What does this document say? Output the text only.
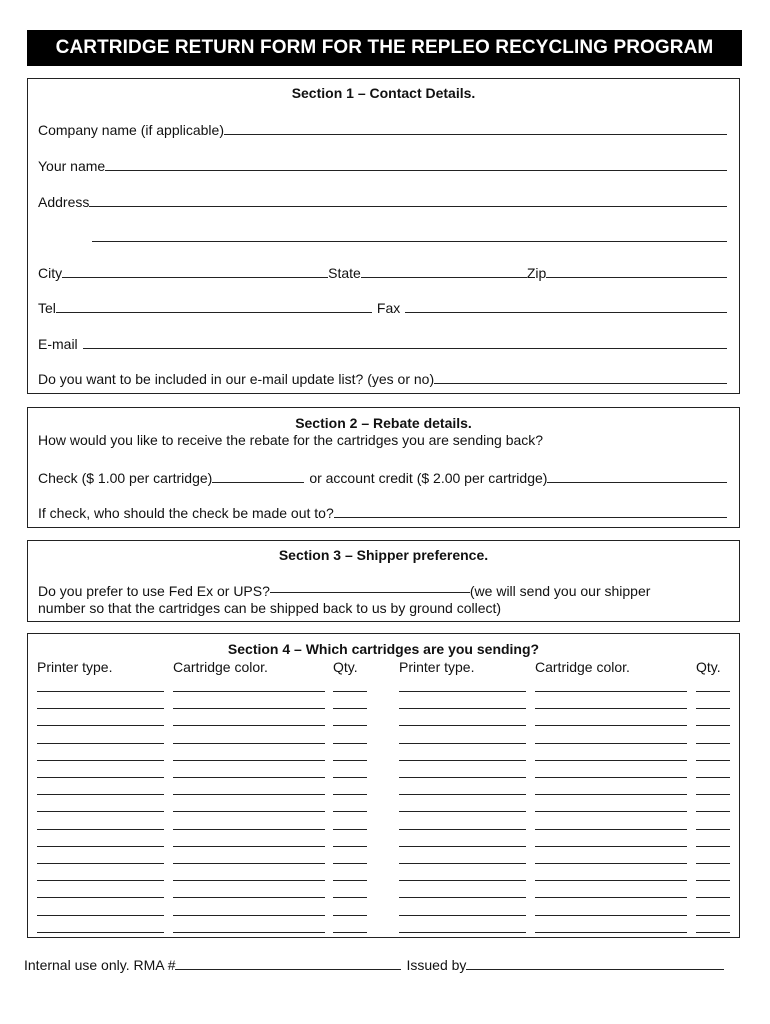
CARTRIDGE RETURN FORM FOR THE REPLEO RECYCLING PROGRAM
Section 1 – Contact Details.
Company name (if applicable)
Your name
Address
City	State	Zip
Tel	Fax
E-mail
Do you want to be included in our e-mail update list? (yes or no)
Section 2 – Rebate details.
How would you like to receive the rebate for the cartridges you are sending back?
Check ($ 1.00 per cartridge)	or account credit ($ 2.00 per cartridge)
If check, who should the check be made out to?
Section 3 – Shipper preference.
Do you prefer to use Fed Ex or UPS?	(we will send you our shipper
number so that the cartridges can be shipped back to us by ground collect)
Section 4 – Which cartridges are you sending?
Printer type.	Cartridge color.	Qty.	Printer type.	Cartridge color.	Qty.
Internal use only. RMA #	Issued by
